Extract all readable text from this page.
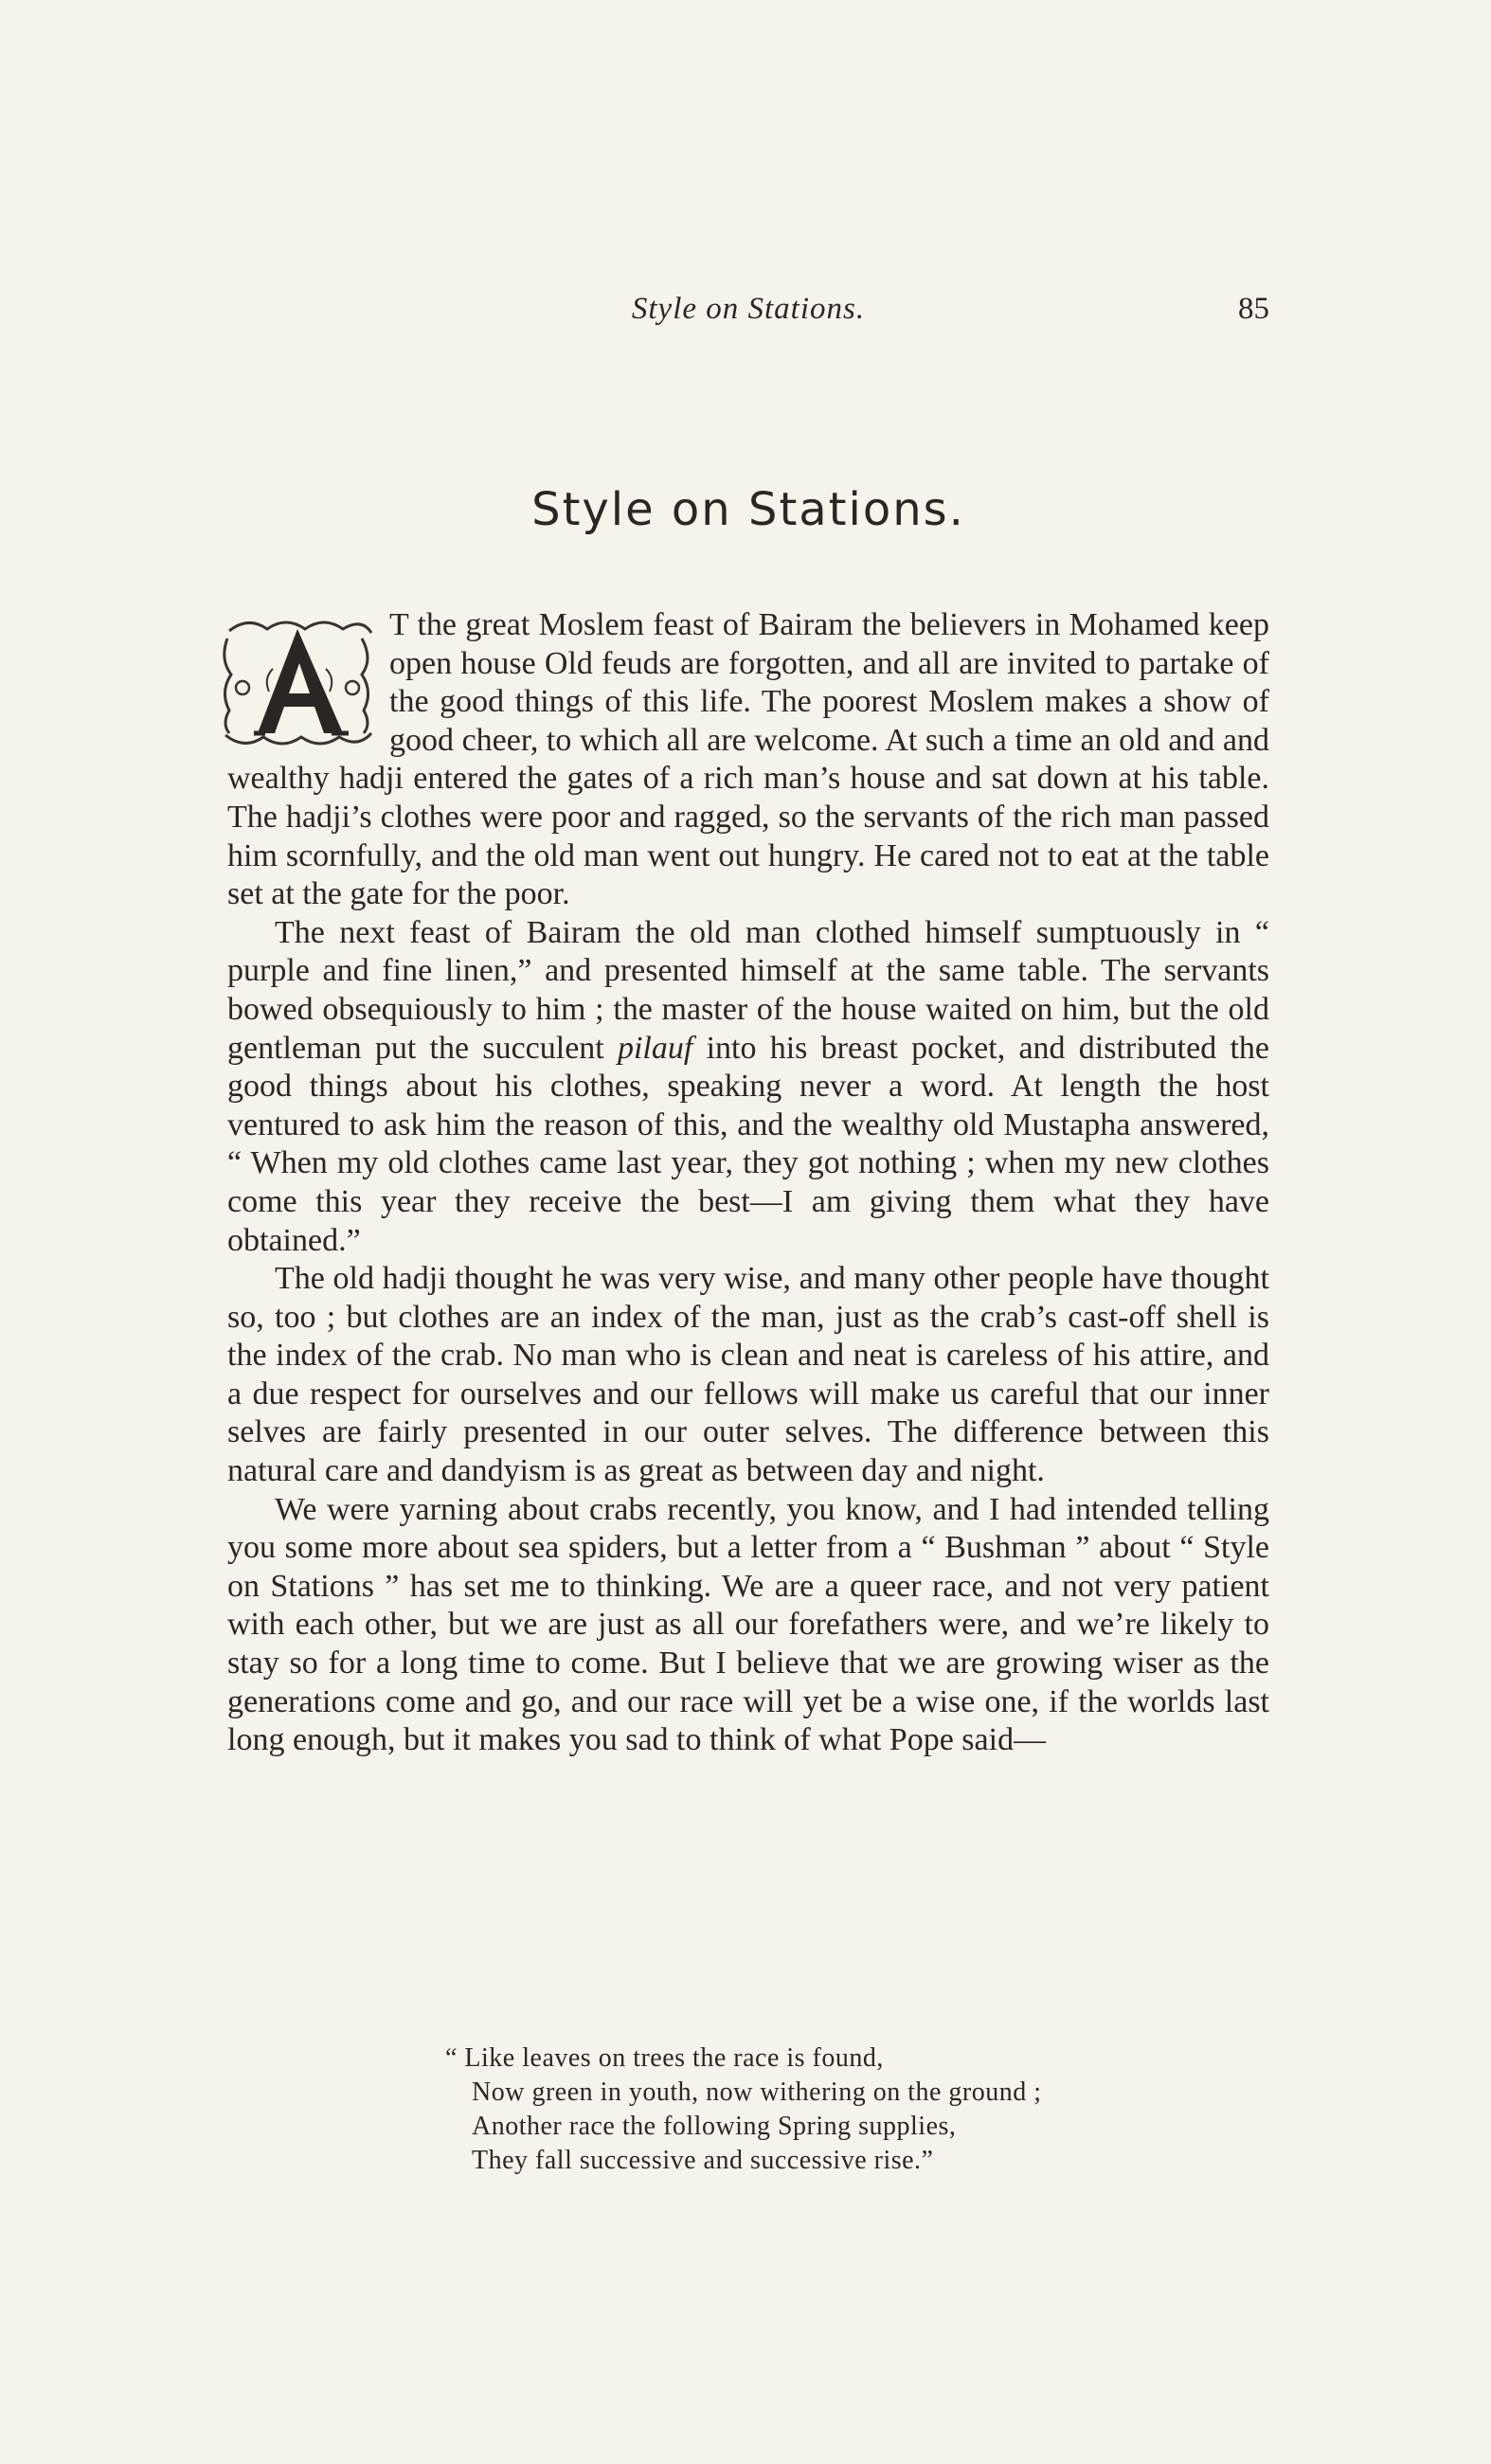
Style on Stations.	85
Style on Stations.

T the great Moslem feast of Bairam the believers in Mohamed keep open house Old feuds are forgotten, and all are invited to partake of the good things of this life. The poorest Moslem makes a show of good cheer, to which all are welcome. At such a time an old and and wealthy hadji entered the gates of a rich man’s house and sat down at his table. The hadji’s clothes were poor and ragged, so the servants of the rich man passed him scornfully, and the old man went out hungry. He cared not to eat at the table set at the gate for the poor.

The next feast of Bairam the old man clothed himself sumptuously in “ purple and fine linen,” and presented himself at the same table. The servants bowed obsequiously to him ; the master of the house waited on him, but the old gentleman put the succulent pilauf into his breast pocket, and distributed the good things about his clothes, speaking never a word. At length the host ventured to ask him the reason of this, and the wealthy old Mustapha answered, “ When my old clothes came last year, they got nothing ; when my new clothes come this year they receive the best—I am giving them what they have obtained.”

The old hadji thought he was very wise, and many other people have thought so, too ; but clothes are an index of the man, just as the crab’s cast-off shell is the index of the crab. No man who is clean and neat is careless of his attire, and a due respect for ourselves and our fellows will make us careful that our inner selves are fairly presented in our outer selves. The difference between this natural care and dandyism is as great as between day and night.

We were yarning about crabs recently, you know, and I had intended telling you some more about sea spiders, but a letter from a “ Bushman ” about “ Style on Stations ” has set me to thinking. We are a queer race, and not very patient with each other, but we are just as all our forefathers were, and we’re likely to stay so for a long time to come. But I believe that we are growing wiser as the generations come and go, and our race will yet be a wise one, if the worlds last long enough, but it makes you sad to think of what Pope said—

“ Like leaves on trees the race is found,
Now green in youth, now withering on the ground ;
Another race the following Spring supplies,
They fall successive and successive rise.”
